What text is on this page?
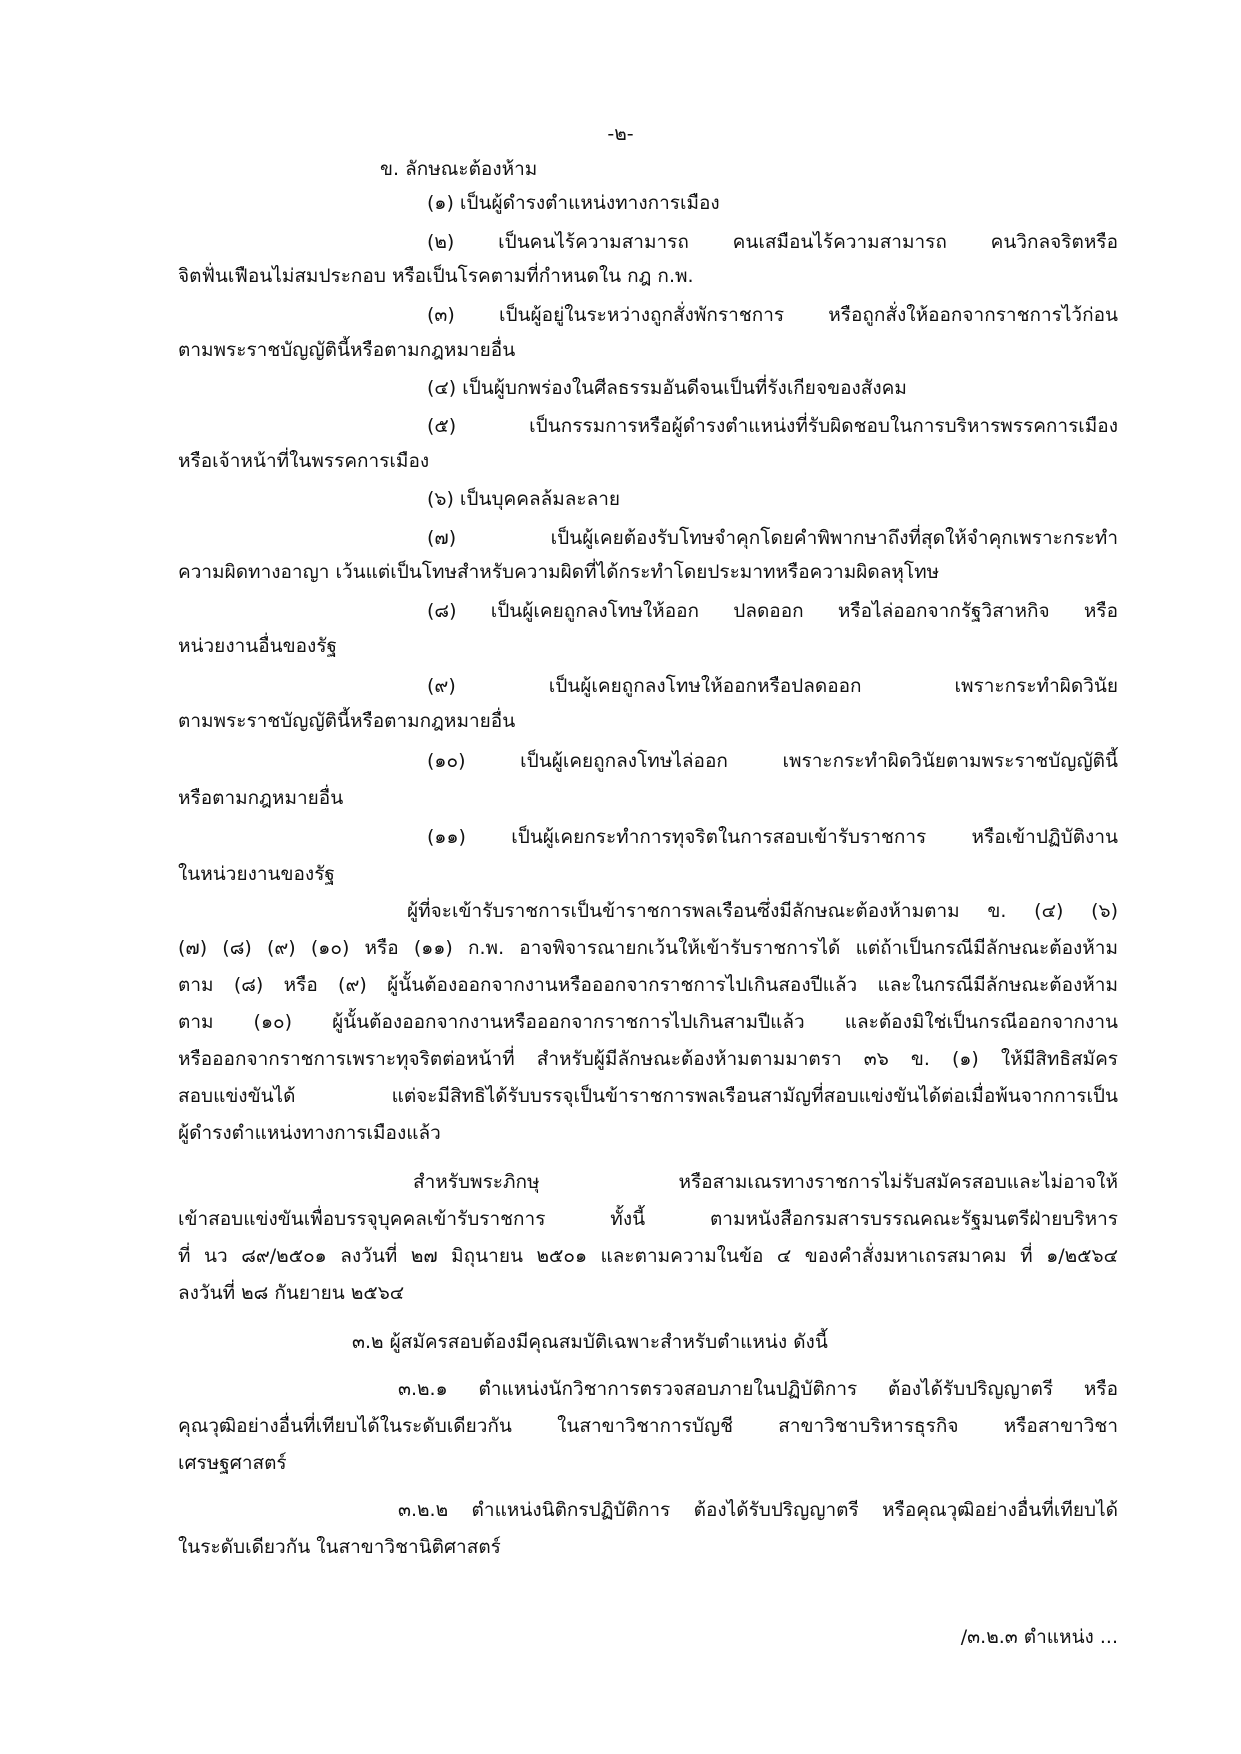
-๒-
ข. ลักษณะต้องห้าม
(๑) เป็นผู้ดำรงตำแหน่งทางการเมือง
(๒) เป็นคนไร้ความสามารถ คนเสมือนไร้ความสามารถ คนวิกลจริตหรือ
จิตฟั่นเฟือนไม่สมประกอบ หรือเป็นโรคตามที่กำหนดใน กฎ ก.พ.
(๓) เป็นผู้อยู่ในระหว่างถูกสั่งพักราชการ หรือถูกสั่งให้ออกจากราชการไว้ก่อน
ตามพระราชบัญญัตินี้หรือตามกฎหมายอื่น
(๔) เป็นผู้บกพร่องในศีลธรรมอันดีจนเป็นที่รังเกียจของสังคม
(๕) เป็นกรรมการหรือผู้ดำรงตำแหน่งที่รับผิดชอบในการบริหารพรรคการเมือง
หรือเจ้าหน้าที่ในพรรคการเมือง
(๖) เป็นบุคคลล้มละลาย
(๗) เป็นผู้เคยต้องรับโทษจำคุกโดยคำพิพากษาถึงที่สุดให้จำคุกเพราะกระทำ
ความผิดทางอาญา เว้นแต่เป็นโทษสำหรับความผิดที่ได้กระทำโดยประมาทหรือความผิดลหุโทษ
(๘) เป็นผู้เคยถูกลงโทษให้ออก ปลดออก หรือไล่ออกจากรัฐวิสาหกิจ หรือ
หน่วยงานอื่นของรัฐ
(๙) เป็นผู้เคยถูกลงโทษให้ออกหรือปลดออก เพราะกระทำผิดวินัย
ตามพระราชบัญญัตินี้หรือตามกฎหมายอื่น
(๑๐) เป็นผู้เคยถูกลงโทษไล่ออก เพราะกระทำผิดวินัยตามพระราชบัญญัตินี้
หรือตามกฎหมายอื่น
(๑๑) เป็นผู้เคยกระทำการทุจริตในการสอบเข้ารับราชการ หรือเข้าปฏิบัติงาน
ในหน่วยงานของรัฐ
ผู้ที่จะเข้ารับราชการเป็นข้าราชการพลเรือนซึ่งมีลักษณะต้องห้ามตาม ข. (๔) (๖)
(๗) (๘) (๙) (๑๐) หรือ (๑๑) ก.พ. อาจพิจารณายกเว้นให้เข้ารับราชการได้ แต่ถ้าเป็นกรณีมีลักษณะต้องห้าม
ตาม (๘) หรือ (๙) ผู้นั้นต้องออกจากงานหรือออกจากราชการไปเกินสองปีแล้ว และในกรณีมีลักษณะต้องห้าม
ตาม (๑๐) ผู้นั้นต้องออกจากงานหรือออกจากราชการไปเกินสามปีแล้ว และต้องมิใช่เป็นกรณีออกจากงาน
หรือออกจากราชการเพราะทุจริตต่อหน้าที่ สำหรับผู้มีลักษณะต้องห้ามตามมาตรา ๓๖ ข. (๑) ให้มีสิทธิสมัคร
สอบแข่งขันได้ แต่จะมีสิทธิได้รับบรรจุเป็นข้าราชการพลเรือนสามัญที่สอบแข่งขันได้ต่อเมื่อพ้นจากการเป็น
ผู้ดำรงตำแหน่งทางการเมืองแล้ว
สำหรับพระภิกษุ หรือสามเณรทางราชการไม่รับสมัครสอบและไม่อาจให้
เข้าสอบแข่งขันเพื่อบรรจุบุคคลเข้ารับราชการ ทั้งนี้ ตามหนังสือกรมสารบรรณคณะรัฐมนตรีฝ่ายบริหาร
ที่ นว ๘๙/๒๕๐๑ ลงวันที่ ๒๗ มิถุนายน ๒๕๐๑ และตามความในข้อ ๔ ของคำสั่งมหาเถรสมาคม ที่ ๑/๒๕๖๔
ลงวันที่ ๒๘ กันยายน ๒๕๖๔
๓.๒ ผู้สมัครสอบต้องมีคุณสมบัติเฉพาะสำหรับตำแหน่ง ดังนี้
๓.๒.๑ ตำแหน่งนักวิชาการตรวจสอบภายในปฏิบัติการ ต้องได้รับปริญญาตรี หรือ
คุณวุฒิอย่างอื่นที่เทียบได้ในระดับเดียวกัน ในสาขาวิชาการบัญชี สาขาวิชาบริหารธุรกิจ หรือสาขาวิชา
เศรษฐศาสตร์
๓.๒.๒ ตำแหน่งนิติกรปฏิบัติการ ต้องได้รับปริญญาตรี หรือคุณวุฒิอย่างอื่นที่เทียบได้
ในระดับเดียวกัน ในสาขาวิชานิติศาสตร์
/๓.๒.๓ ตำแหน่ง ...
